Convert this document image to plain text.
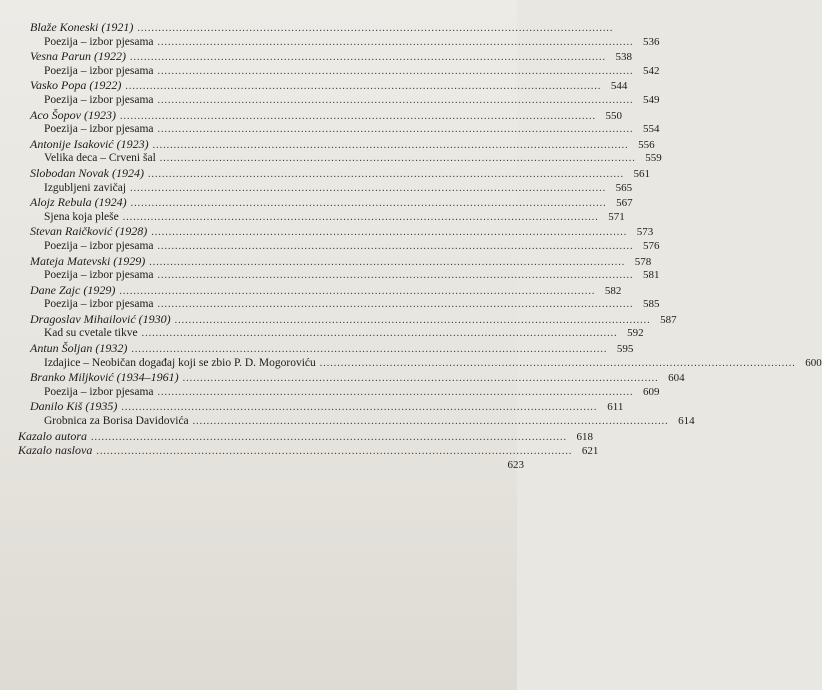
Blaže Koneski (1921) ........................................................................................................................................
Poezija – izbor pjesama ........................................................................................................................................ 536
Vesna Parun (1922) ........................................................................................................................................ 538
Poezija – izbor pjesama ........................................................................................................................................ 542
Vasko Popa (1922) ........................................................................................................................................ 544
Poezija – izbor pjesama ........................................................................................................................................ 549
Aco Šopov (1923) ........................................................................................................................................ 550
Poezija – izbor pjesama ........................................................................................................................................ 554
Antonije Isaković (1923) ........................................................................................................................................ 556
Velika deca – Crveni šal ........................................................................................................................................ 559
Slobodan Novak (1924) ........................................................................................................................................ 561
Izgubljeni zavičaj ........................................................................................................................................ 565
Alojz Rebula (1924) ........................................................................................................................................ 567
Sjena koja pleše ........................................................................................................................................ 571
Stevan Raičković (1928) ........................................................................................................................................ 573
Poezija – izbor pjesama ........................................................................................................................................ 576
Mateja Matevski (1929) ........................................................................................................................................ 578
Poezija – izbor pjesama ........................................................................................................................................ 581
Dane Zajc (1929) ........................................................................................................................................ 582
Poezija – izbor pjesama ........................................................................................................................................ 585
Dragoslav Mihailović (1930) ........................................................................................................................................ 587
Kad su cvetale tikve ........................................................................................................................................ 592
Antun Šoljan (1932) ........................................................................................................................................ 595
Izdajice – Neobičan događaj koji se zbio P. D. Mogoroviću ........................................................................................................................................ 600
Branko Miljković (1934–1961) ........................................................................................................................................ 604
Poezija – izbor pjesama ........................................................................................................................................ 609
Danilo Kiš (1935) ........................................................................................................................................ 611
Grobnica za Borisa Davidovića ........................................................................................................................................ 614
Kazalo autora ........................................................................................................................................ 618
Kazalo naslova ........................................................................................................................................ 621
623
